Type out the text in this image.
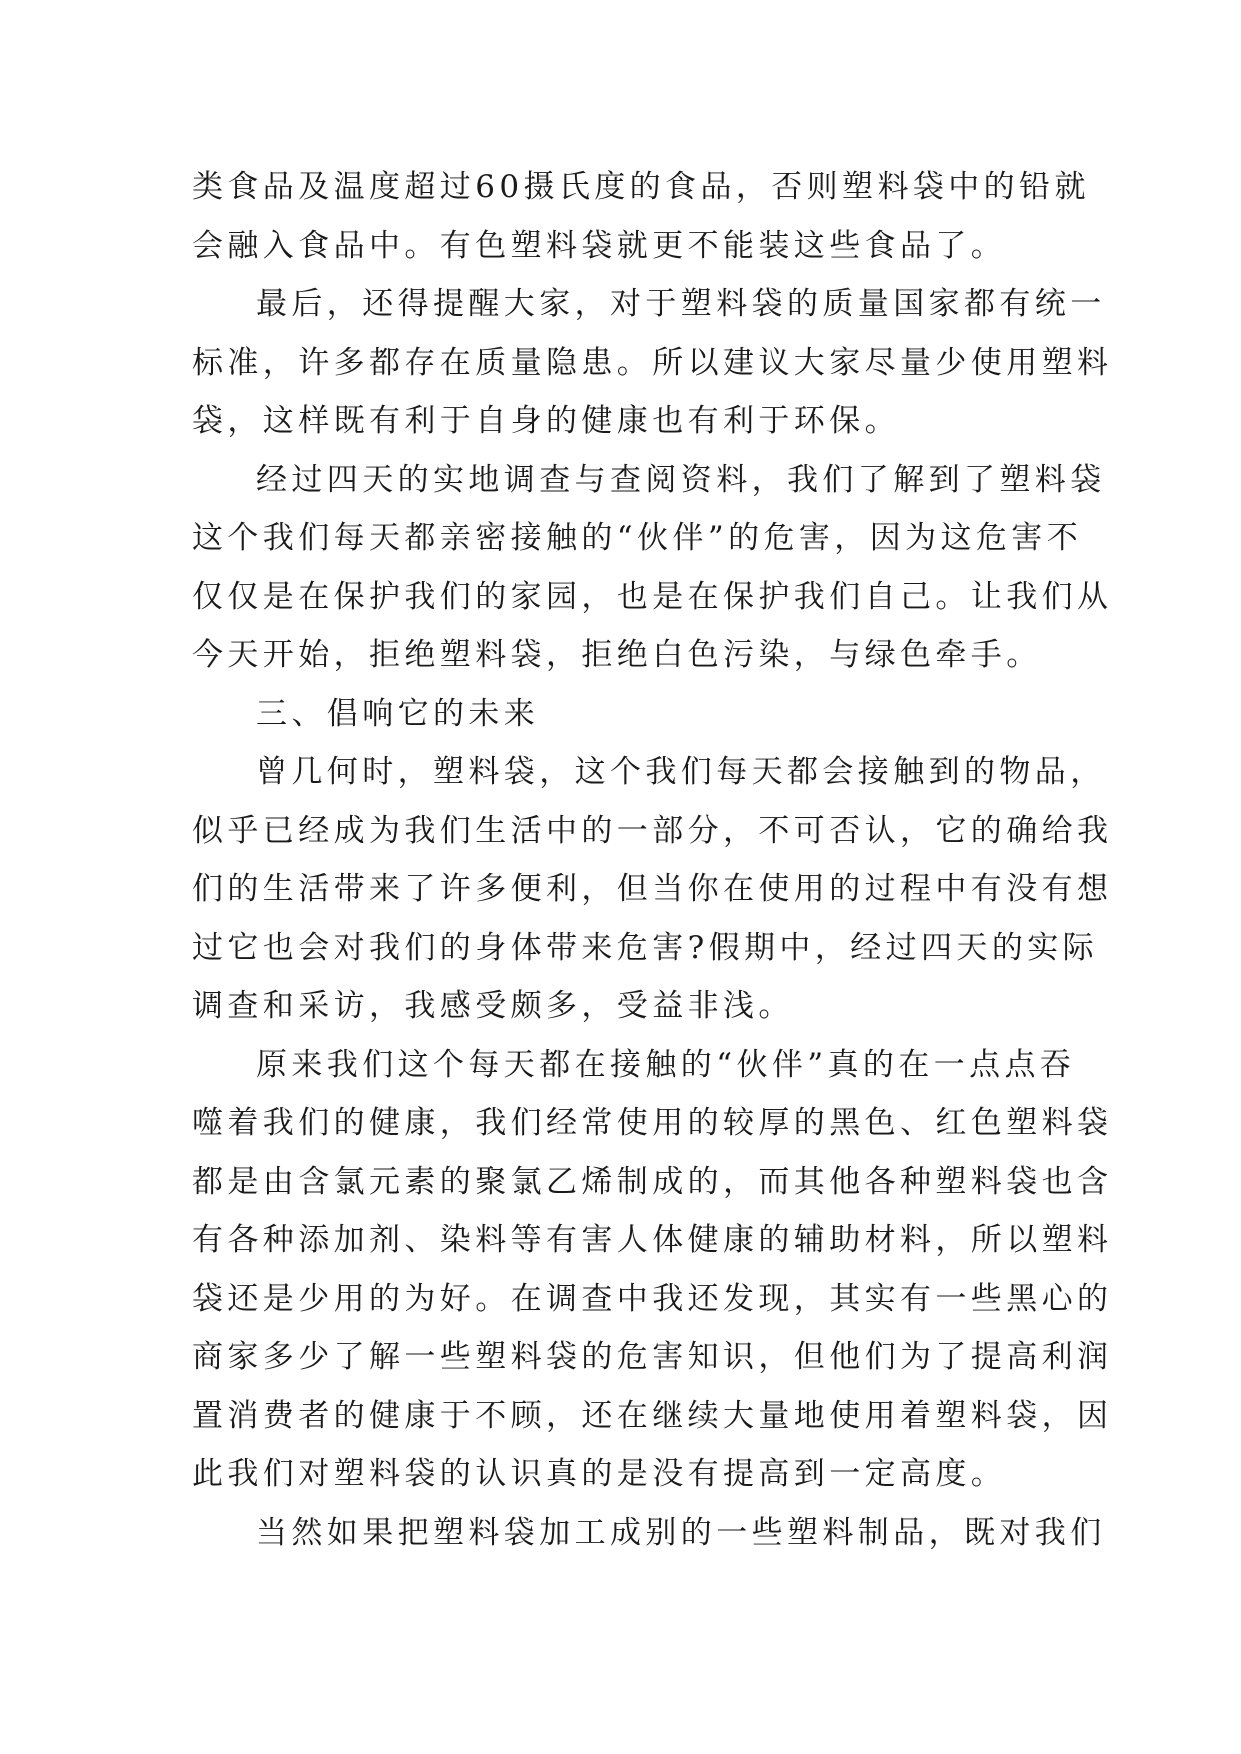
类食品及温度超过60摄氏度的食品，否则塑料袋中的铅就
会融入食品中。有色塑料袋就更不能装这些食品了。
最后，还得提醒大家，对于塑料袋的质量国家都有统一
标准，许多都存在质量隐患。所以建议大家尽量少使用塑料
袋，这样既有利于自身的健康也有利于环保。
经过四天的实地调查与查阅资料，我们了解到了塑料袋
这个我们每天都亲密接触的“伙伴”的危害，因为这危害不
仅仅是在保护我们的家园，也是在保护我们自己。让我们从
今天开始，拒绝塑料袋，拒绝白色污染，与绿色牵手。
三、倡响它的未来
曾几何时，塑料袋，这个我们每天都会接触到的物品，
似乎已经成为我们生活中的一部分，不可否认，它的确给我
们的生活带来了许多便利，但当你在使用的过程中有没有想
过它也会对我们的身体带来危害?假期中，经过四天的实际
调查和采访，我感受颇多，受益非浅。
原来我们这个每天都在接触的“伙伴”真的在一点点吞
噬着我们的健康，我们经常使用的较厚的黑色、红色塑料袋
都是由含氯元素的聚氯乙烯制成的，而其他各种塑料袋也含
有各种添加剂、染料等有害人体健康的辅助材料，所以塑料
袋还是少用的为好。在调查中我还发现，其实有一些黑心的
商家多少了解一些塑料袋的危害知识，但他们为了提高利润
置消费者的健康于不顾，还在继续大量地使用着塑料袋，因
此我们对塑料袋的认识真的是没有提高到一定高度。
当然如果把塑料袋加工成别的一些塑料制品，既对我们
